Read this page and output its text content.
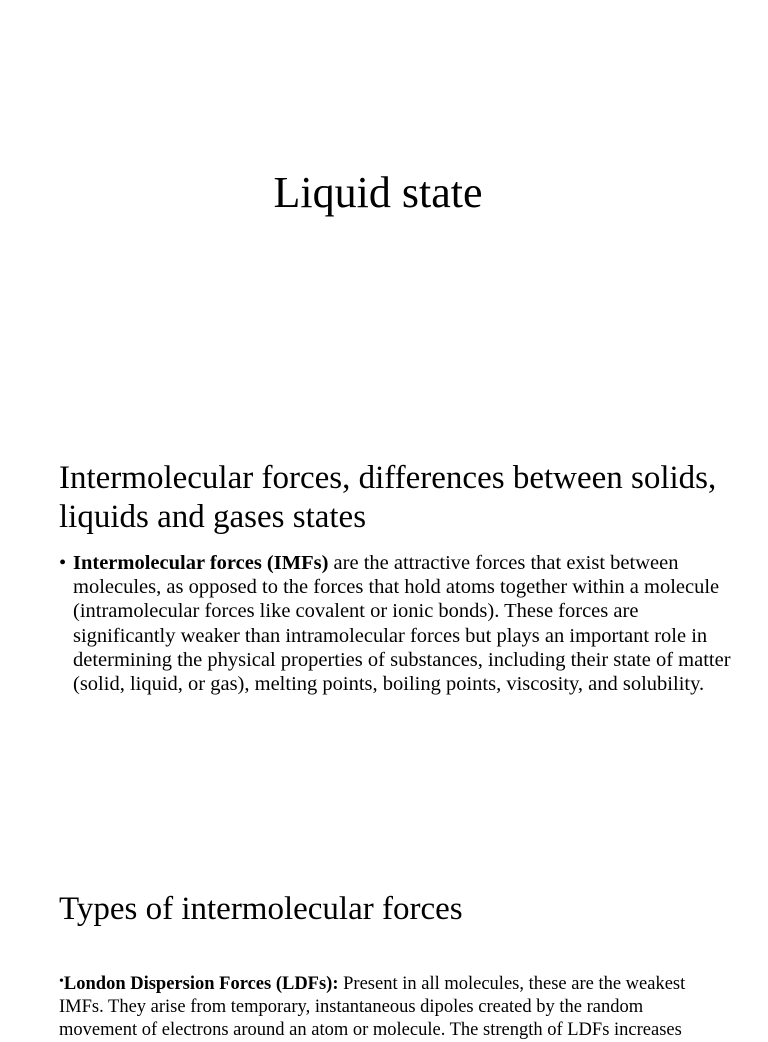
Liquid state
Intermolecular forces, differences between solids, liquids and gases states
• Intermolecular forces (IMFs) are the attractive forces that exist between molecules, as opposed to the forces that hold atoms together within a molecule (intramolecular forces like covalent or ionic bonds). These forces are significantly weaker than intramolecular forces but plays an important role in determining the physical properties of substances, including their state of matter (solid, liquid, or gas), melting points, boiling points, viscosity, and solubility.
Types of intermolecular forces
•London Dispersion Forces (LDFs): Present in all molecules, these are the weakest IMFs. They arise from temporary, instantaneous dipoles created by the random movement of electrons around an atom or molecule. The strength of LDFs increases
